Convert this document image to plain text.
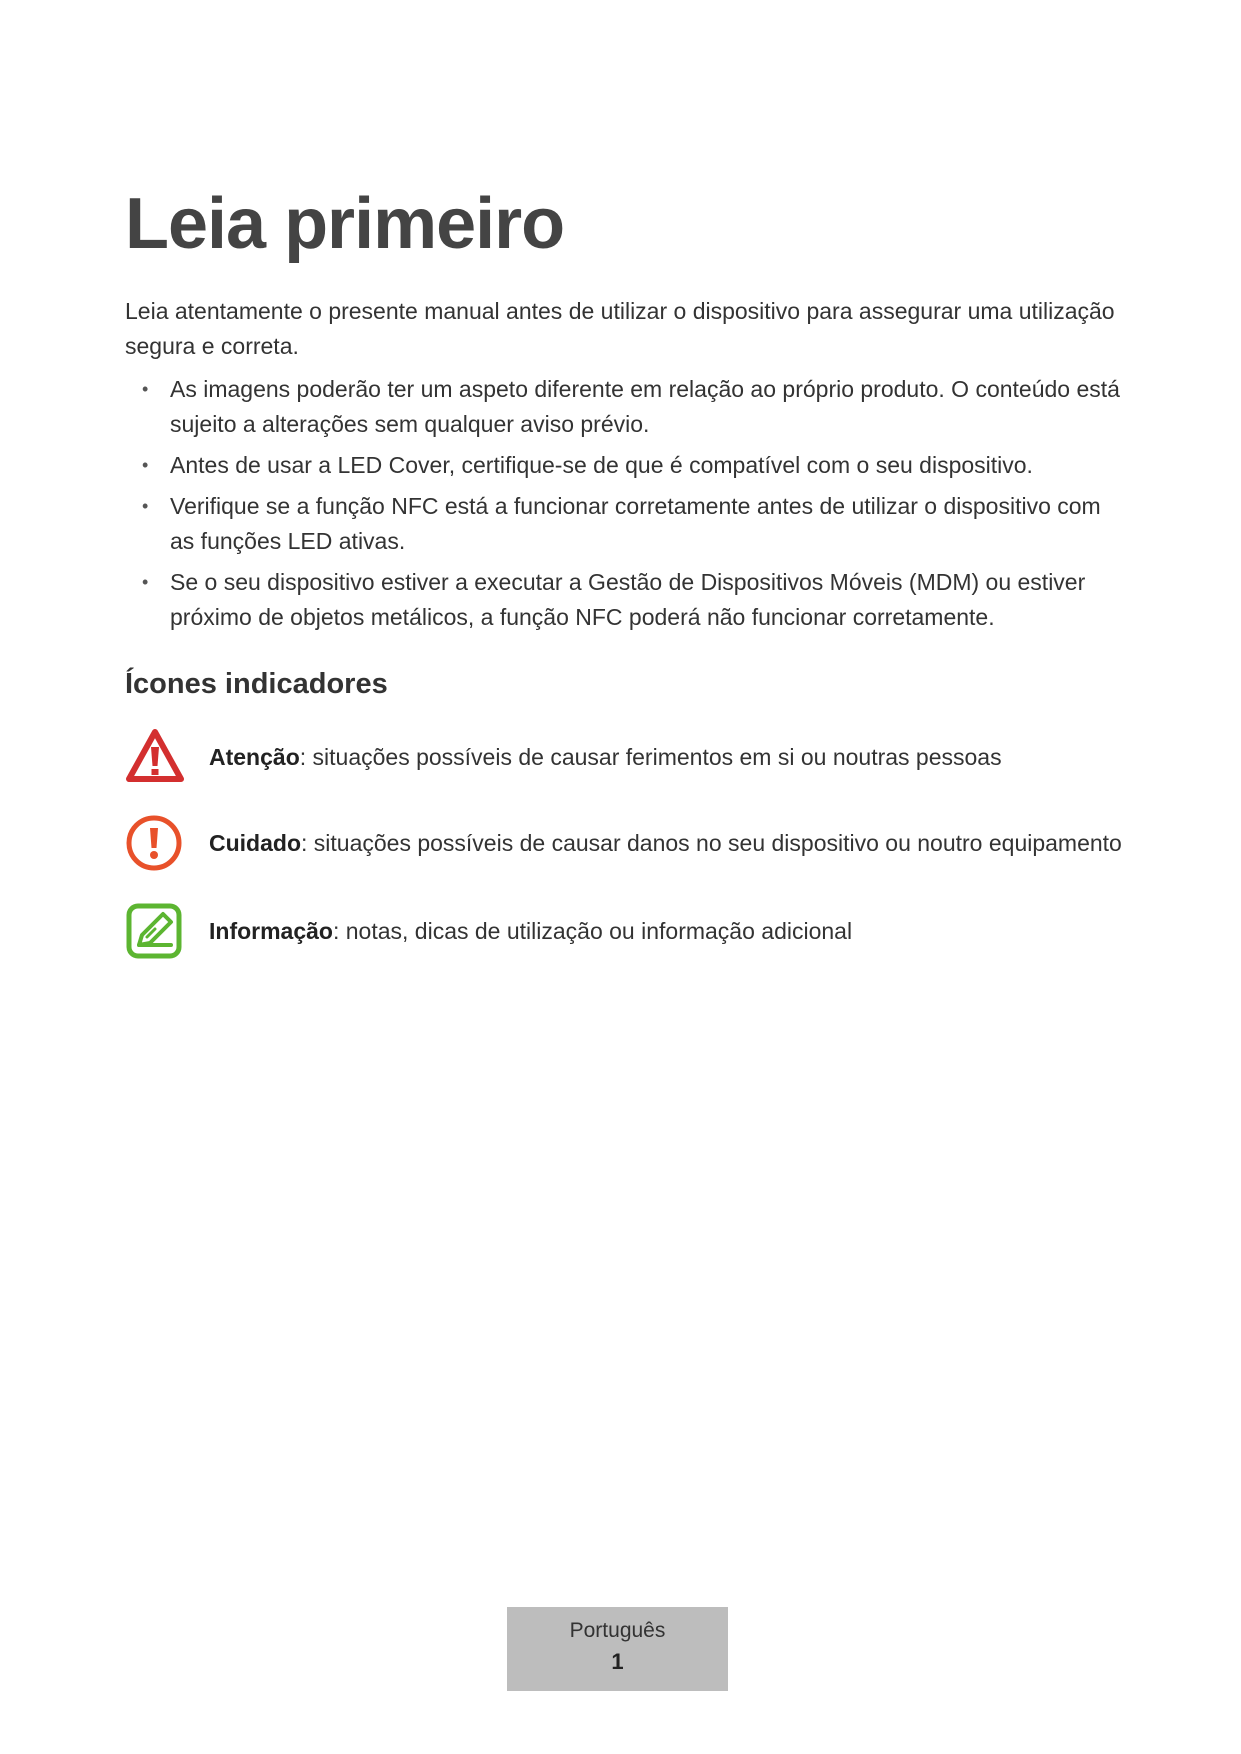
Leia primeiro

Leia atentamente o presente manual antes de utilizar o dispositivo para assegurar uma utilização segura e correta.

• As imagens poderão ter um aspeto diferente em relação ao próprio produto. O conteúdo está sujeito a alterações sem qualquer aviso prévio.
• Antes de usar a LED Cover, certifique-se de que é compatível com o seu dispositivo.
• Verifique se a função NFC está a funcionar corretamente antes de utilizar o dispositivo com as funções LED ativas.
• Se o seu dispositivo estiver a executar a Gestão de Dispositivos Móveis (MDM) ou estiver próximo de objetos metálicos, a função NFC poderá não funcionar corretamente.
Ícones indicadores
Atenção: situações possíveis de causar ferimentos em si ou noutras pessoas
Cuidado: situações possíveis de causar danos no seu dispositivo ou noutro equipamento
Informação: notas, dicas de utilização ou informação adicional
Português
1
